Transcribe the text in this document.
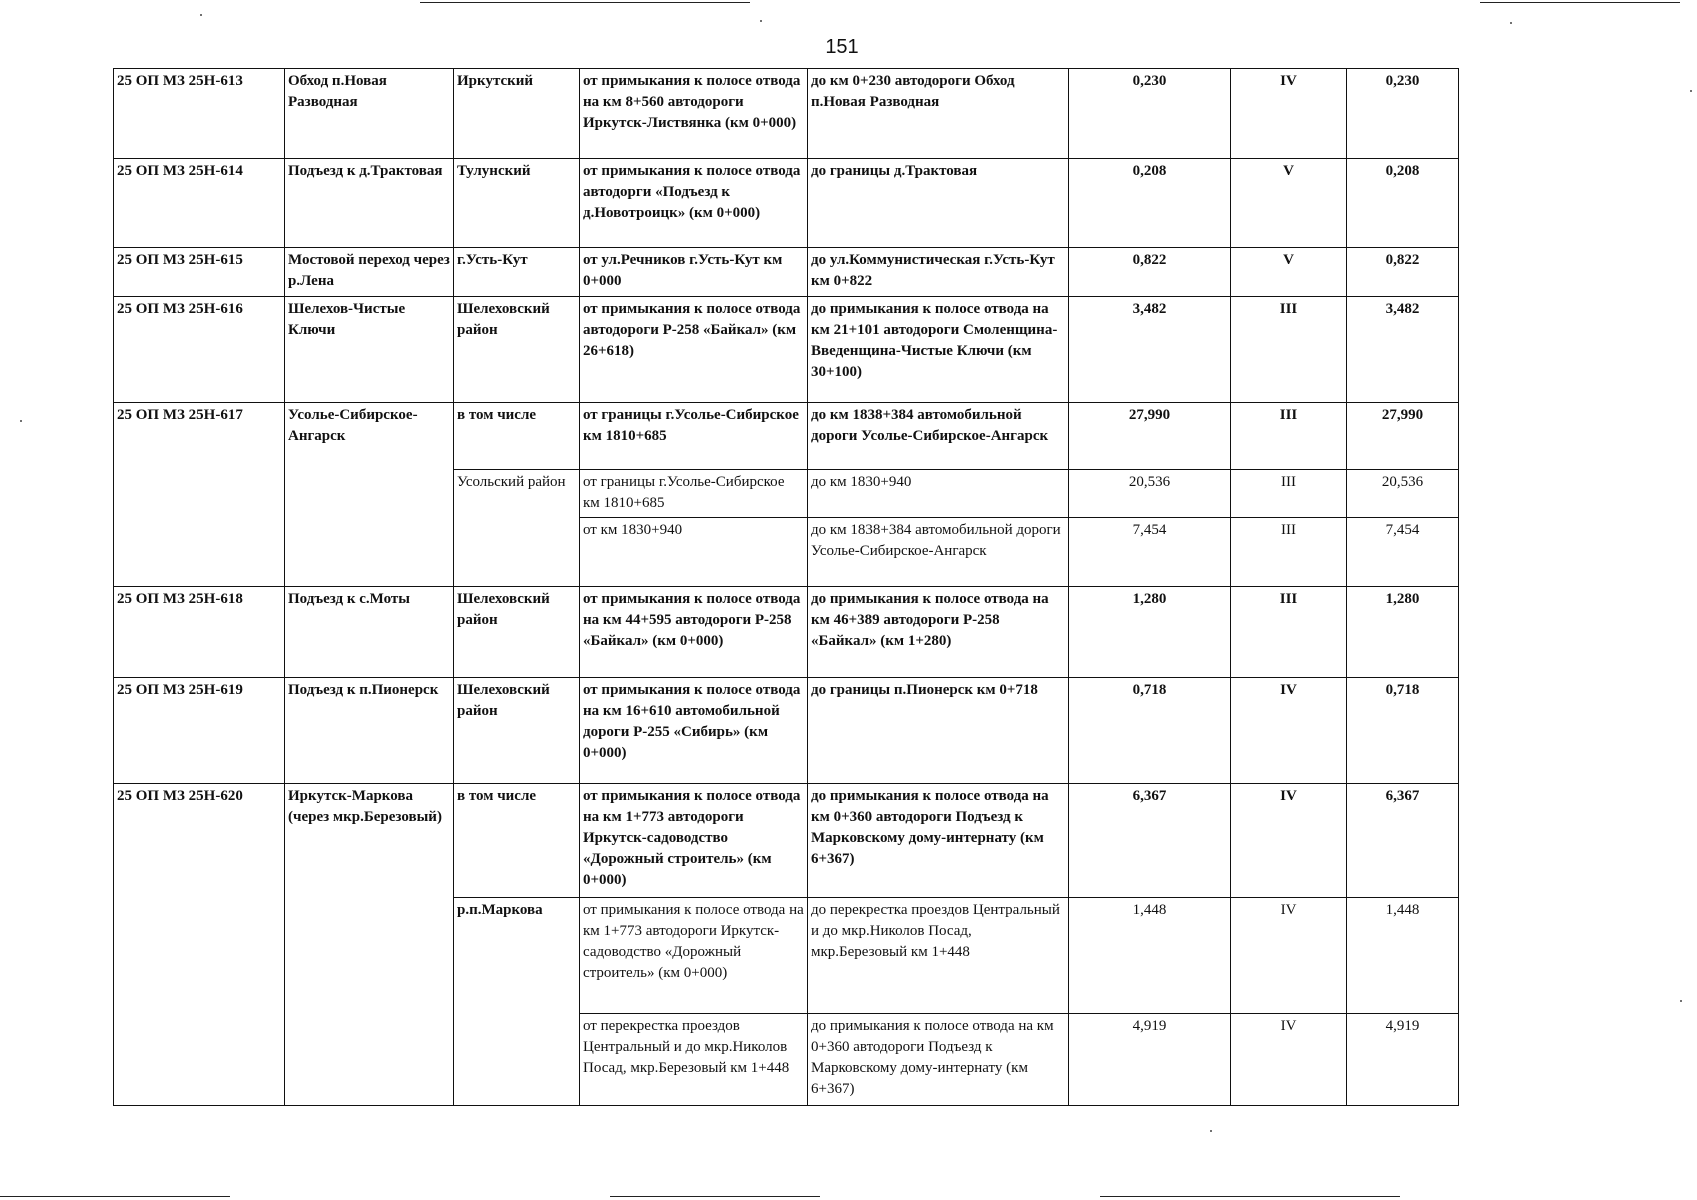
151
25 ОП МЗ 25Н-613	Обход п.Новая Разводная	Иркутский	от примыкания к полосе отвода на км 8+560 автодороги Иркутск-Листвянка (км 0+000)	до км 0+230 автодороги Обход п.Новая Разводная	0,230	IV	0,230
25 ОП МЗ 25Н-614	Подъезд к д.Трактовая	Тулунский	от примыкания к полосе отвода автодорги «Подъезд к д.Новотроицк» (км 0+000)	до границы д.Трактовая	0,208	V	0,208
25 ОП МЗ 25Н-615	Мостовой переход через р.Лена	г.Усть-Кут	от ул.Речников г.Усть-Кут км 0+000	до ул.Коммунистическая г.Усть-Кут км 0+822	0,822	V	0,822
25 ОП МЗ 25Н-616	Шелехов-Чистые Ключи	Шелеховский район	от примыкания к полосе отвода автодороги Р-258 «Байкал» (км 26+618)	до примыкания к полосе отвода на км 21+101 автодороги Смоленщина-Введенщина-Чистые Ключи (км 30+100)	3,482	III	3,482
25 ОП МЗ 25Н-617	Усолье-Сибирское-Ангарск	в том числе	от границы г.Усолье-Сибирское км 1810+685	до км 1838+384 автомобильной дороги Усолье-Сибирское-Ангарск	27,990	III	27,990
		Усольский район	от границы г.Усолье-Сибирское км 1810+685	до км 1830+940	20,536	III	20,536
			от км 1830+940	до км 1838+384 автомобильной дороги Усолье-Сибирское-Ангарск	7,454	III	7,454
25 ОП МЗ 25Н-618	Подъезд к с.Моты	Шелеховский район	от примыкания к полосе отвода на км 44+595 автодороги Р-258 «Байкал» (км 0+000)	до примыкания к полосе отвода на км 46+389 автодороги Р-258 «Байкал» (км 1+280)	1,280	III	1,280
25 ОП МЗ 25Н-619	Подъезд к п.Пионерск	Шелеховский район	от примыкания к полосе отвода на км 16+610 автомобильной дороги Р-255 «Сибирь» (км 0+000)	до границы п.Пионерск км 0+718	0,718	IV	0,718
25 ОП МЗ 25Н-620	Иркутск-Маркова (через мкр.Березовый)	в том числе	от примыкания к полосе отвода на км 1+773 автодороги Иркутск-садоводство «Дорожный строитель» (км 0+000)	до примыкания к полосе отвода на км 0+360 автодороги Подъезд к Марковскому дому-интернату (км 6+367)	6,367	IV	6,367
		р.п.Маркова	от примыкания к полосе отвода на км 1+773 автодороги Иркутск-садоводство «Дорожный строитель» (км 0+000)	до перекрестка проездов Центральный и до мкр.Николов Посад, мкр.Березовый км 1+448	1,448	IV	1,448
			от перекрестка проездов Центральный и до мкр.Николов Посад, мкр.Березовый км 1+448	до примыкания к полосе отвода на км 0+360 автодороги Подъезд к Марковскому дому-интернату (км 6+367)	4,919	IV	4,919
